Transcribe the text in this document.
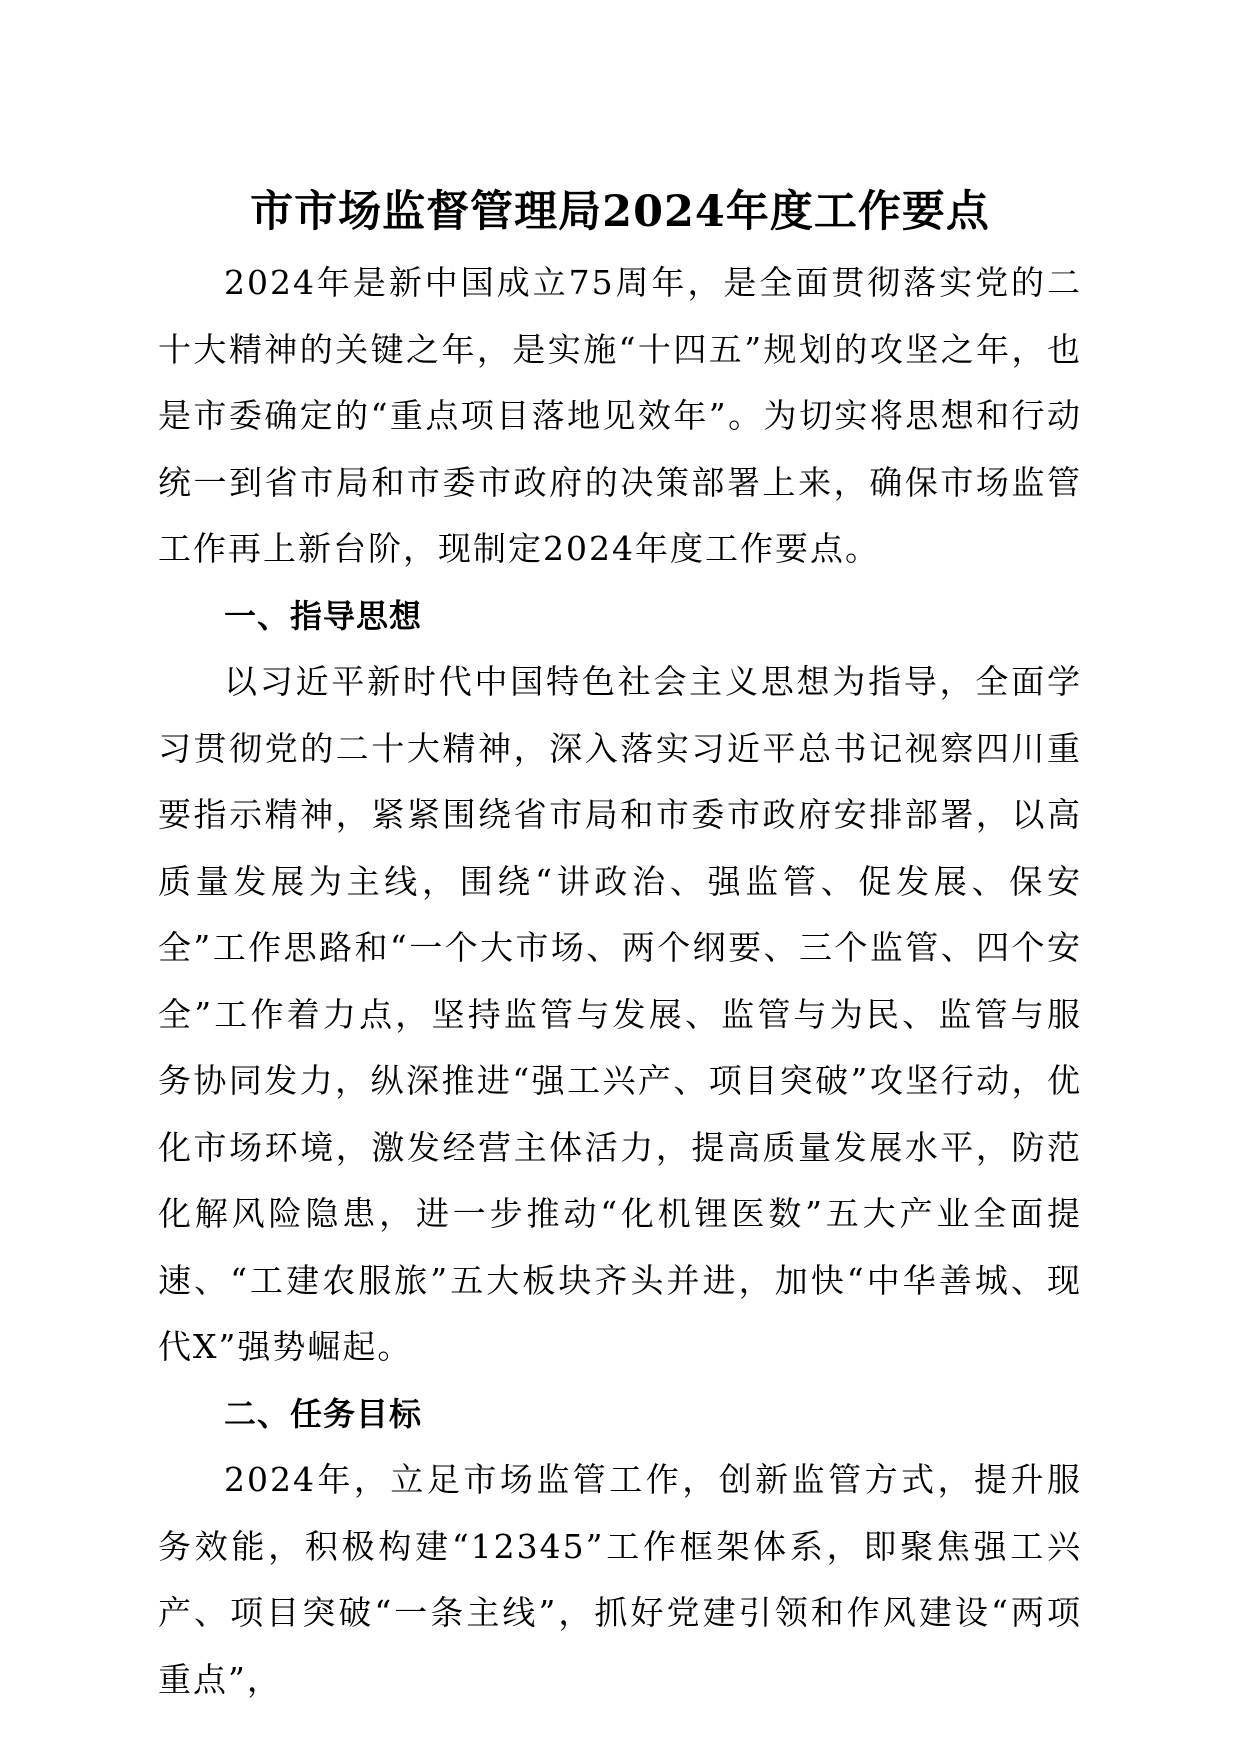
市市场监督管理局2024年度工作要点

2024年是新中国成立75周年，是全面贯彻落实党的二十大精神的关键之年，是实施“十四五”规划的攻坚之年，也是市委确定的“重点项目落地见效年”。为切实将思想和行动统一到省市局和市委市政府的决策部署上来，确保市场监管工作再上新台阶，现制定2024年度工作要点。

一、指导思想

以习近平新时代中国特色社会主义思想为指导，全面学习贯彻党的二十大精神，深入落实习近平总书记视察四川重要指示精神，紧紧围绕省市局和市委市政府安排部署，以高质量发展为主线，围绕“讲政治、强监管、促发展、保安全”工作思路和“一个大市场、两个纲要、三个监管、四个安全”工作着力点，坚持监管与发展、监管与为民、监管与服务协同发力，纵深推进“强工兴产、项目突破”攻坚行动，优化市场环境，激发经营主体活力，提高质量发展水平，防范化解风险隐患，进一步推动“化机锂医数”五大产业全面提速、“工建农服旅”五大板块齐头并进，加快“中华善城、现代X”强势崛起。

二、任务目标

2024年，立足市场监管工作，创新监管方式，提升服务效能，积极构建“12345”工作框架体系，即聚焦强工兴产、项目突破“一条主线”，抓好党建引领和作风建设“两项重点”，
